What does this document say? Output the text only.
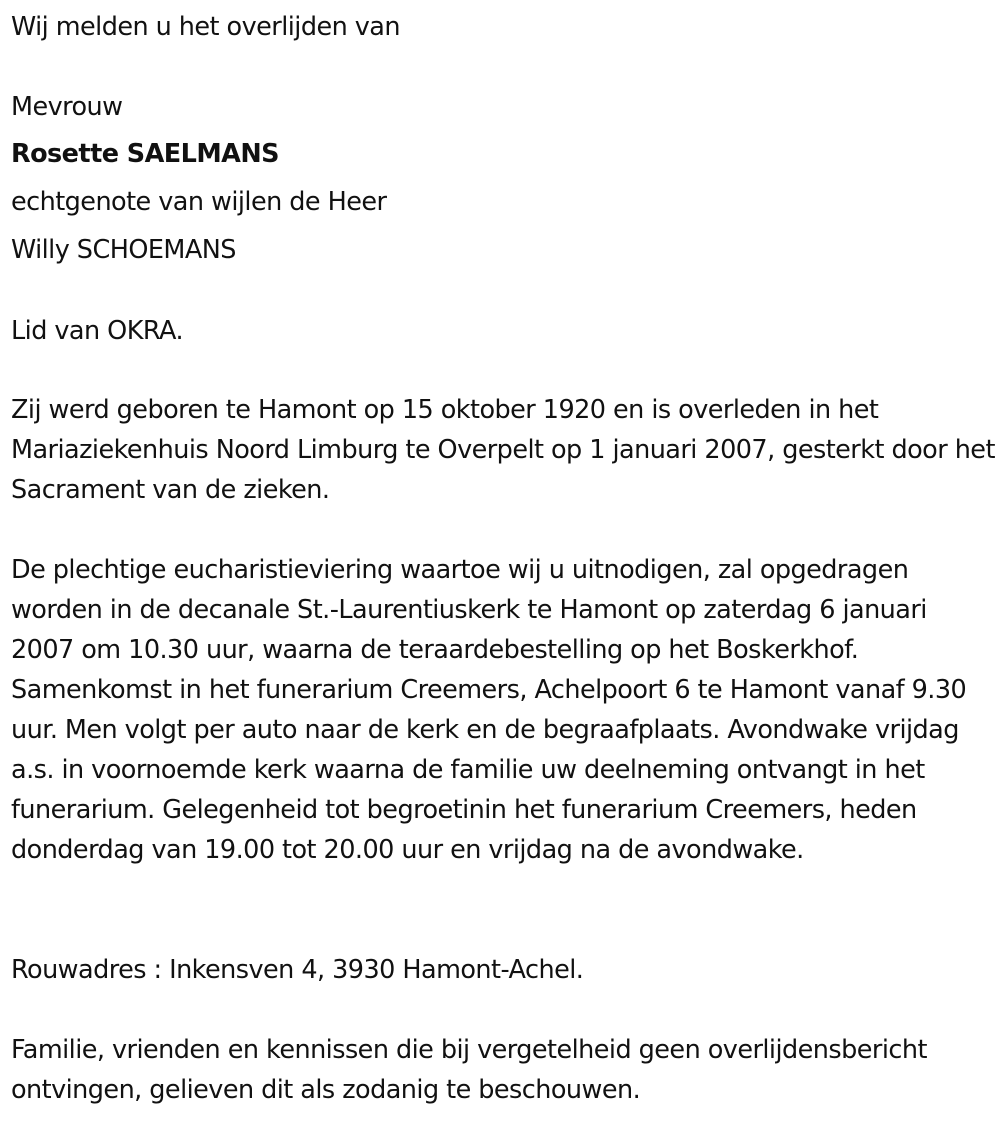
Wij melden u het overlijden van

Mevrouw

Rosette SAELMANS

echtgenote van wijlen de Heer

Willy SCHOEMANS

Lid van OKRA.

Zij werd geboren te Hamont op 15 oktober 1920 en is overleden in het Mariaziekenhuis Noord Limburg te Overpelt op 1 januari 2007, gesterkt door het Sacrament van de zieken.

De plechtige eucharistieviering waartoe wij u uitnodigen, zal opgedragen worden in de decanale St.-Laurentiuskerk te Hamont op zaterdag 6 januari 2007 om 10.30 uur, waarna de teraardebestelling op het Boskerkhof. Samenkomst in het funerarium Creemers, Achelpoort 6 te Hamont vanaf 9.30 uur. Men volgt per auto naar de kerk en de begraafplaats. Avondwake vrijdag a.s. in voornoemde kerk waarna de familie uw deelneming ontvangt in het funerarium. Gelegenheid tot begroetinin het funerarium Creemers, heden donderdag van 19.00 tot 20.00 uur en vrijdag na de avondwake.

Rouwadres : Inkensven 4, 3930 Hamont-Achel.

Familie, vrienden en kennissen die bij vergetelheid geen overlijdensbericht ontvingen, gelieven dit als zodanig te beschouwen.
